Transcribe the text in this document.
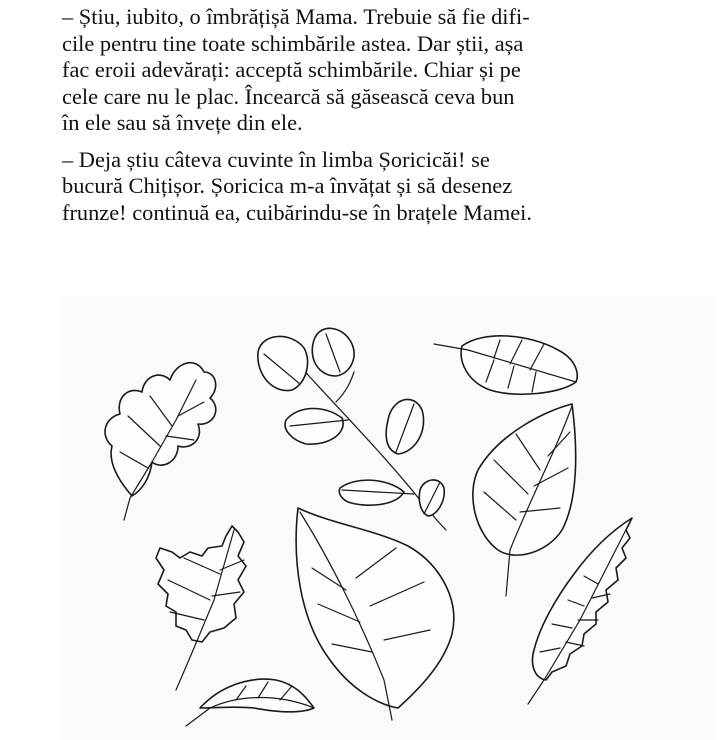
– Știu, iubito, o îmbrățișă Mama. Trebuie să fie difi-
cile pentru tine toate schimbările astea. Dar știi, așa
fac eroii adevărați: acceptă schimbările. Chiar și pe
cele care nu le plac. Încearcă să găsească ceva bun
în ele sau să învețe din ele.

– Deja știu câteva cuvinte în limba Șoricicăi! se
bucură Chițișor. Șoricica m-a învățat și să desenez
frunze! continuă ea, cuibărindu-se în brațele Mamei.
